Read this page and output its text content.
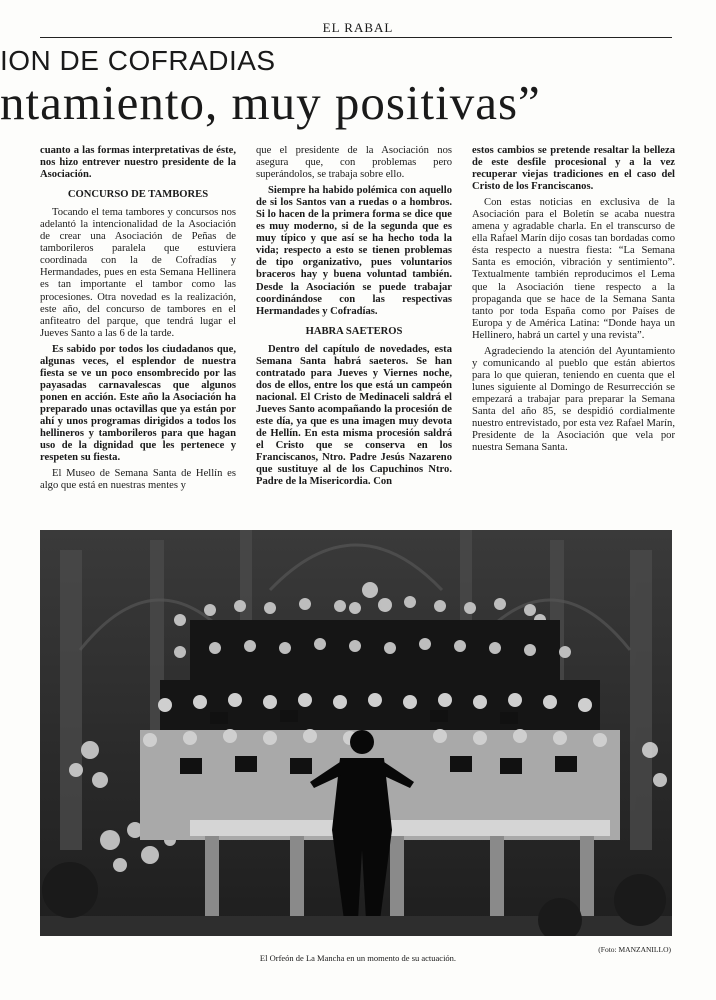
EL RABAL
ION DE COFRADIAS
ntamiento, muy positivas”

cuanto a las formas interpretativas de éste, nos hizo entrever nuestro presidente de la Asociación.

CONCURSO DE TAMBORES

Tocando el tema tambores y concursos nos adelantó la intencionalidad de la Asociación de crear una Asociación de Peñas de tamborileros paralela que estuviera coordinada con la de Cofradías y Hermandades, pues en esta Semana Hellinera es tan importante el tambor como las procesiones. Otra novedad es la realización, este año, del concurso de tambores en el anfiteatro del parque, que tendrá lugar el Jueves Santo a las 6 de la tarde.

Es sabido por todos los ciudadanos que, algunas veces, el esplendor de nuestra fiesta se ve un poco ensombrecido por las payasadas carnavalescas que algunos ponen en acción. Este año la Asociación ha preparado unas octavillas que ya están por ahí y unos programas dirigidos a todos los hellineros y tamborileros para que hagan uso de la dignidad que les pertenece y respeten su fiesta.

El Museo de Semana Santa de Hellín es algo que está en nuestras mentes y

que el presidente de la Asociación nos asegura que, con problemas pero superándolos, se trabaja sobre ello.

Siempre ha habido polémica con aquello de si los Santos van a ruedas o a hombros. Si lo hacen de la primera forma se dice que es muy moderno, si de la segunda que es muy típico y que así se ha hecho toda la vida; respecto a esto se tienen problemas de tipo organizativo, pues voluntarios braceros hay y buena voluntad también. Desde la Asociación se puede trabajar coordinándose con las respectivas Hermandades y Cofradías.

HABRA SAETEROS

Dentro del capítulo de novedades, esta Semana Santa habrá saeteros. Se han contratado para Jueves y Viernes noche, dos de ellos, entre los que está un campeón nacional. El Cristo de Medinaceli saldrá el Jueves Santo acompañando la procesión de este día, ya que es una imagen muy devota de Hellín. En esta misma procesión saldrá el Cristo que se conserva en los Franciscanos, Ntro. Padre Jesús Nazareno que sustituye al de los Capuchinos Ntro. Padre de la Misericordia. Con

estos cambios se pretende resaltar la belleza de este desfile procesional y a la vez recuperar viejas tradiciones en el caso del Cristo de los Franciscanos.

Con estas noticias en exclusiva de la Asociación para el Boletín se acaba nuestra amena y agradable charla. En el transcurso de ella Rafael Marín dijo cosas tan bordadas como ésta respecto a nuestra fiesta: “La Semana Santa es emoción, vibración y sentimiento”. Textualmente también reproducimos el Lema que la Asociación tiene respecto a la propaganda que se hace de la Semana Santa tanto por toda España como por Países de Europa y de América Latina: “Donde haya un Hellinero, habrá un cartel y una revista”.

Agradeciendo la atención del Ayuntamiento y comunicando al pueblo que están abiertos para lo que quieran, teniendo en cuenta que el lunes siguiente al Domingo de Resurrección se empezará a trabajar para preparar la Semana Santa del año 85, se despidió cordialmente nuestro entrevistado, por esta vez Rafael Marín, Presidente de la Asociación que vela por nuestra Semana Santa.

(Foto: MANZANILLO)
El Orfeón de La Mancha en un momento de su actuación.
